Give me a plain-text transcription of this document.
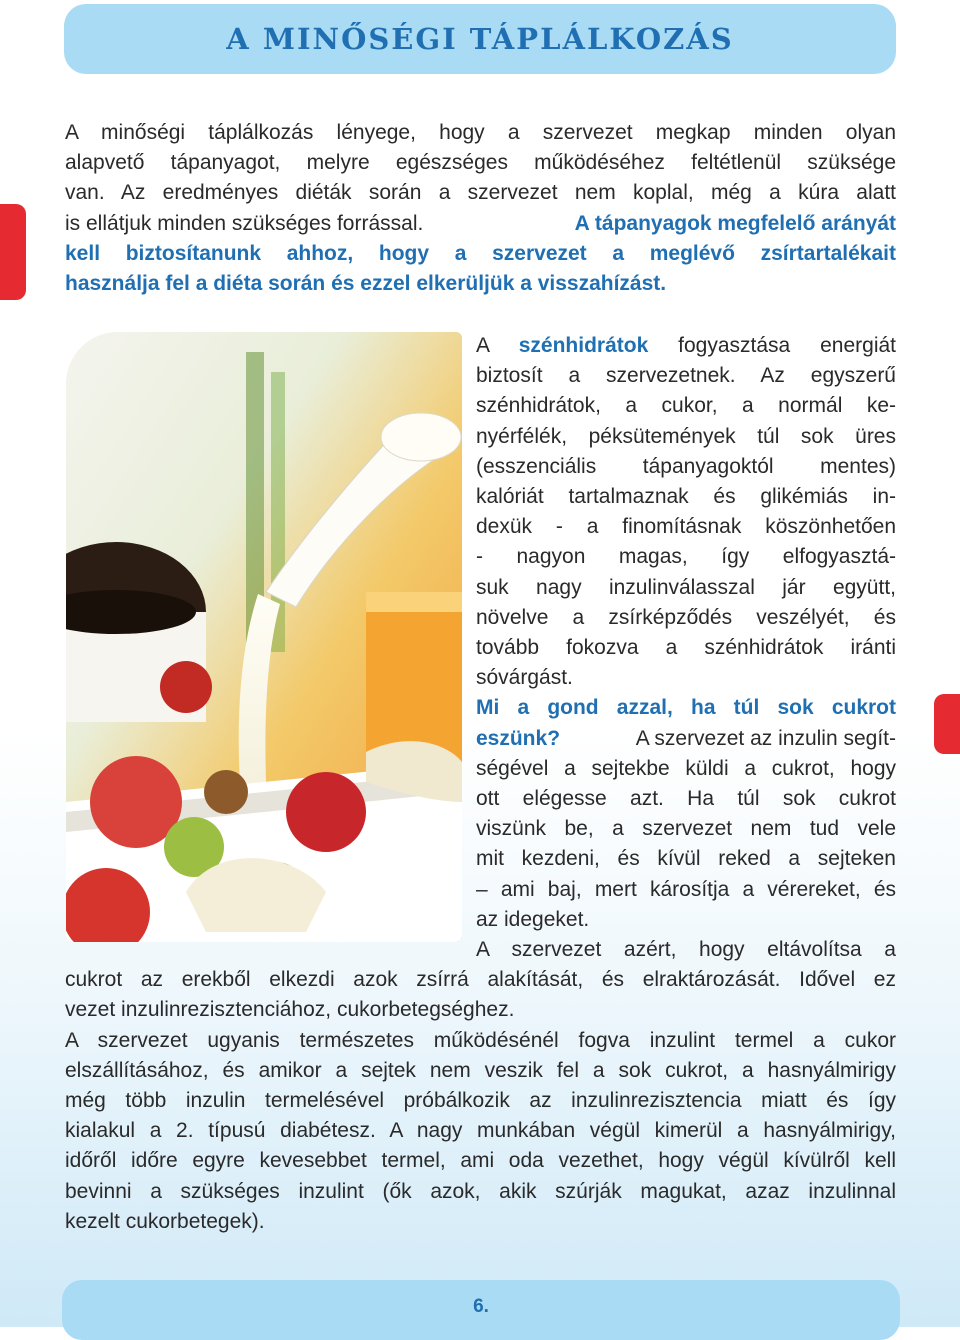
A MINŐSÉGI TÁPLÁLKOZÁS

A minőségi táplálkozás lényege, hogy a szervezet megkap minden olyan

alapvető tápanyagot, melyre egészséges működéséhez feltétlenül szüksége

van. Az eredményes diéták során a szervezet nem koplal, még a kúra alatt

is ellátjuk minden szükséges forrással.	A tápanyagok megfelelő arányát

kell biztosítanunk ahhoz, hogy a szervezet a meglévő zsírtartalékait

használja fel a diéta során és ezzel elkerüljük a visszahízást.

A szénhidrátok fogyasztása energiát

biztosít a szervezetnek. Az egyszerű

szénhidrátok, a cukor, a normál ke-

nyérfélék, péksütemények túl sok üres

(esszenciális tápanyagoktól mentes)

kalóriát tartalmaznak és glikémiás in-

dexük - a finomításnak köszönhetően

- nagyon magas, így elfogyasztá-

suk nagy inzulinválasszal jár együtt,

növelve a zsírképződés veszélyét, és

tovább fokozva a szénhidrátok iránti

sóvárgást.

Mi a gond azzal, ha túl sok cukrot

eszünk?	A szervezet az inzulin segít-

ségével a sejtekbe küldi a cukrot, hogy

ott elégesse azt. Ha túl sok cukrot

viszünk be, a szervezet nem tud vele

mit kezdeni, és kívül reked a sejteken

– ami baj, mert károsítja a vérereket, és

az idegeket.

A szervezet azért, hogy eltávolítsa a

cukrot az erekből elkezdi azok zsírrá alakítását, és elraktározását. Idővel ez

vezet inzulinrezisztenciához, cukorbetegséghez.

A szervezet ugyanis természetes működésénél fogva inzulint termel a cukor

elszállításához, és amikor a sejtek nem veszik fel a sok cukrot, a hasnyálmirigy

még több inzulin termelésével próbálkozik az inzulinrezisztencia miatt és így

kialakul a 2. típusú diabétesz. A nagy munkában végül kimerül a hasnyálmirigy,

időről időre egyre kevesebbet termel, ami oda vezethet, hogy végül kívülről kell

bevinni a szükséges inzulint (ők azok, akik szúrják magukat, azaz inzulinnal

kezelt cukorbetegek).

6.
